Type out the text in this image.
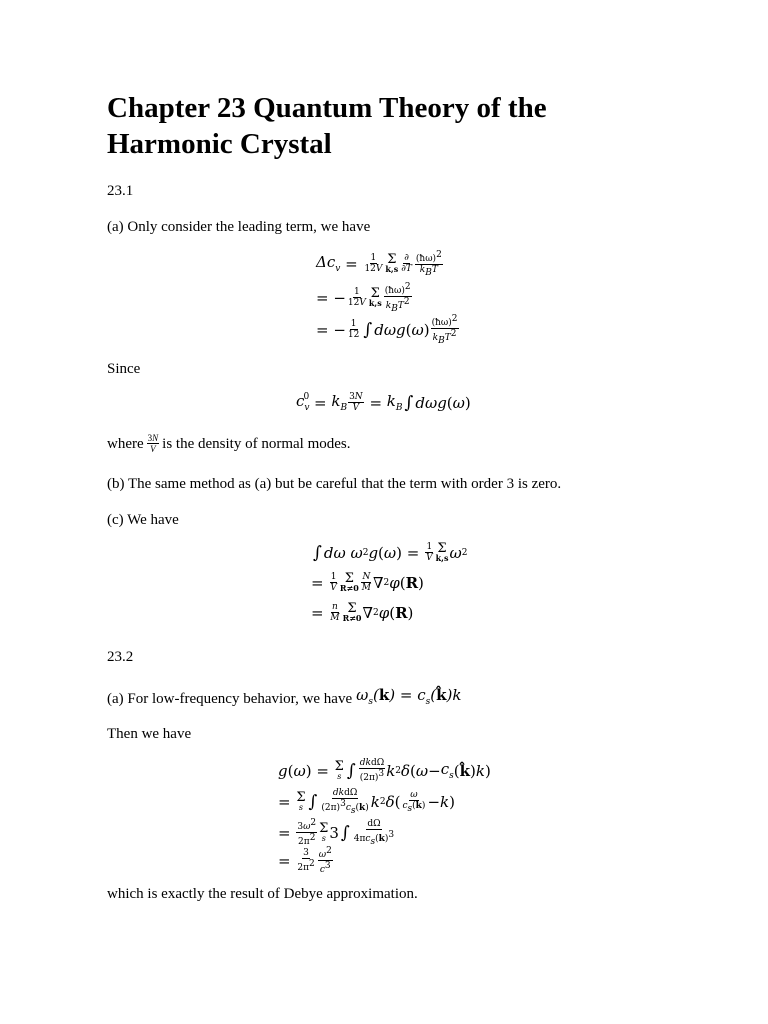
Chapter 23 Quantum Theory of the Harmonic Crystal

23.1

(a) Only consider the leading term, we have

$\Delta c_v = \frac{1}{12V}$ Σ
$k,s \frac{\partial}{\partial T} \frac{(ħ\omega)^2}{k_BT}$
= − $\frac{1}{12V}$ Σ
$k,s \frac{(ħ\omega)^2}{k_BT^2}$
= − $\frac{1}{12}$ ∫ dωg ( ω ) $\frac{(ħ\omega)^2}{k_BT^2}$

Since

$c_v$
$0 = k_B \frac{3N}{V} = k_B$ ∫ dωg ( ω )
where $\frac{3N}{V}$ is the density of normal modes.

(b) The same method as (a) but be careful that the term with order 3 is zero.

(c) We have

∫ dω ω 2 g ( ω ) = $\frac{1}{V}$ Σ
k,s ω 2
= $\frac{1}{V}$ Σ
$R\ne 0 \frac{N}{M}$ ∇ 2 φ ( R )
= $\frac{n}{M}$ Σ
R≠0 ∇ 2 φ ( R )

23.2

(a) For low-frequency behavior, we have $\omega_s(k)$ = $c_s(k̂)k$

Then we have

g ( ω ) = Σ
s ∫ $\frac{\text{dkdΩ}}{(2\pi)^3}$ k 2 δ ( $\omega - c_s$ ( k̂ ) k )
= Σ
s ∫ $\frac{\text{dkdΩ}}{(2\pi)^3c_s(k)}$ k 2 δ ( $\frac{\omega}{c_s(k)} - k$ )
= $\frac{3\omega^2}{2\pi^2}$ Σ
s 3 ∫ $\frac{d\Omega}{4\pi c_s(k)^3}$
= $\frac{3}{2\pi^2} \frac{\omega^2}{c^3}$

which is exactly the result of Debye approximation.
